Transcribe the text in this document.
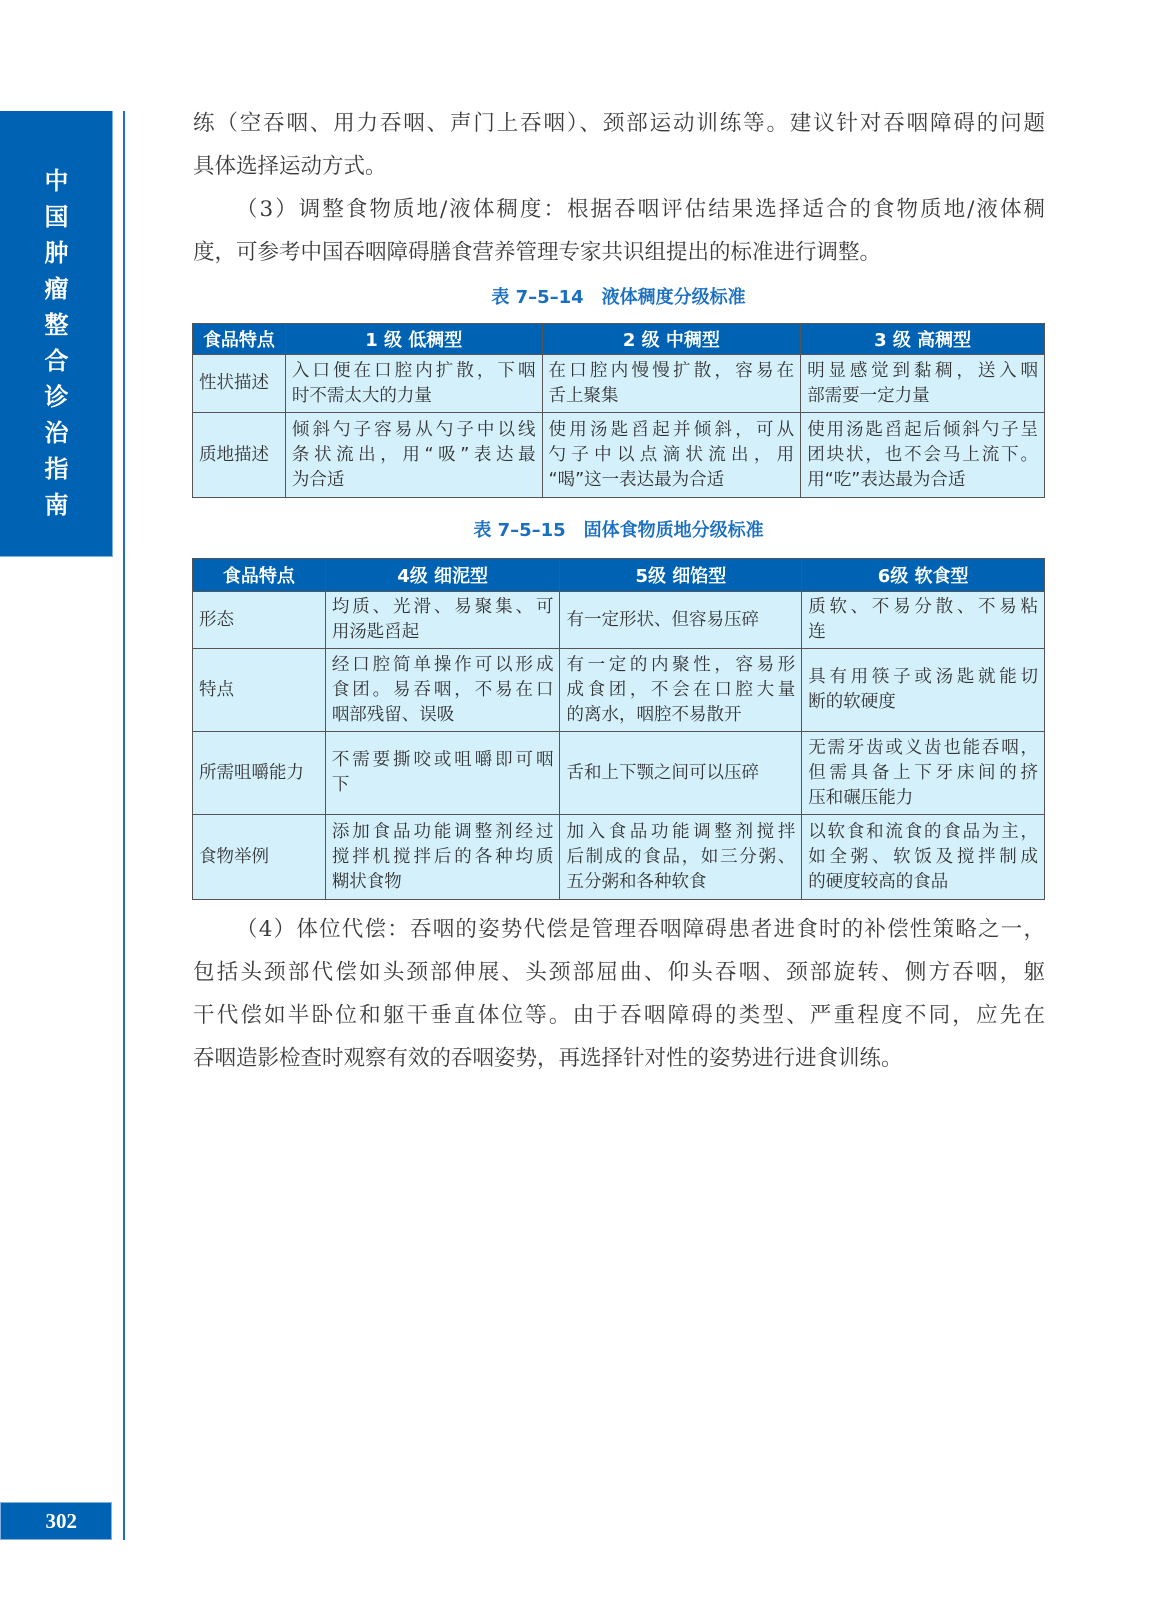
中
国
肿
瘤
整
合
诊
治
指
南
302
练（空吞咽、用力吞咽、声门上吞咽）、颈部运动训练等。建议针对吞咽障碍的问题
具体选择运动方式。
（3）调整食物质地/液体稠度：根据吞咽评估结果选择适合的食物质地/液体稠
度，可参考中国吞咽障碍膳食营养管理专家共识组提出的标准进行调整。
表 7–5–14　液体稠度分级标准
食品特点	1 级 低稠型	2 级 中稠型	3 级 高稠型

性状描述	入口便在口腔内扩散，下咽
时不需太大的力量	在口腔内慢慢扩散，容易在
舌上聚集	明显感觉到黏稠，送入咽
部需要一定力量

质地描述	倾斜勺子容易从勺子中以线
条状流出，用“吸”表达最
为合适	使用汤匙舀起并倾斜，可从
勺子中以点滴状流出，用
“喝”这一表达最为合适	使用汤匙舀起后倾斜勺子呈
团块状，也不会马上流下。
用“吃”表达最为合适
表 7–5–15　固体食物质地分级标准
食品特点	4级 细泥型	5级 细馅型	6级 软食型

形态	均质、光滑、易聚集、可
用汤匙舀起	有一定形状、但容易压碎	质软、不易分散、不易粘
连

特点	经口腔简单操作可以形成
食团。易吞咽，不易在口
咽部残留、误吸	有一定的内聚性，容易形
成食团，不会在口腔大量
的离水，咽腔不易散开	具有用筷子或汤匙就能切
断的软硬度

所需咀嚼能力	不需要撕咬或咀嚼即可咽
下	舌和上下颚之间可以压碎	无需牙齿或义齿也能吞咽，
但需具备上下牙床间的挤
压和碾压能力

食物举例	添加食品功能调整剂经过
搅拌机搅拌后的各种均质
糊状食物	加入食品功能调整剂搅拌
后制成的食品，如三分粥、
五分粥和各种软食	以软食和流食的食品为主，
如全粥、软饭及搅拌制成
的硬度较高的食品
（4）体位代偿：吞咽的姿势代偿是管理吞咽障碍患者进食时的补偿性策略之一，
包括头颈部代偿如头颈部伸展、头颈部屈曲、仰头吞咽、颈部旋转、侧方吞咽，躯
干代偿如半卧位和躯干垂直体位等。由于吞咽障碍的类型、严重程度不同，应先在
吞咽造影检查时观察有效的吞咽姿势，再选择针对性的姿势进行进食训练。
